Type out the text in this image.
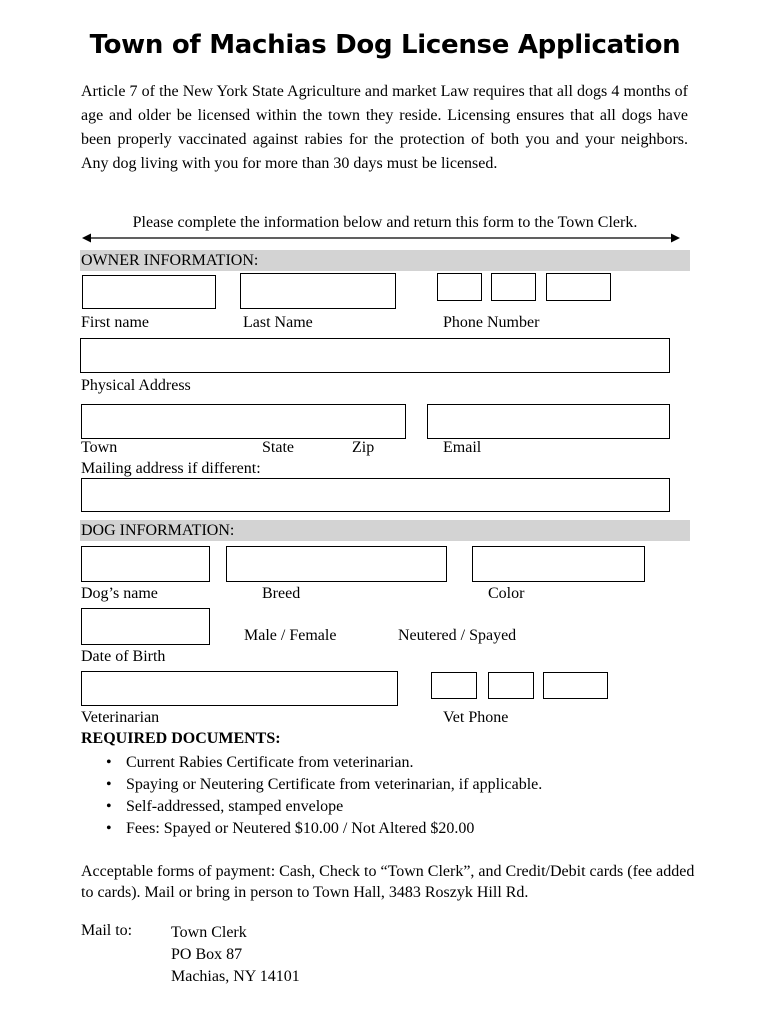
Town of Machias Dog License Application
Article 7 of the New York State Agriculture and market Law requires that all dogs 4 months of age and older be licensed within the town they reside. Licensing ensures that all dogs have been properly vaccinated against rabies for the protection of both you and your neighbors. Any dog living with you for more than 30 days must be licensed.
Please complete the information below and return this form to the Town Clerk.
OWNER INFORMATION:
First name	Last Name	Phone Number
Physical Address
Town	State	Zip	Email
Mailing address if different:
DOG INFORMATION:
Dog’s name	Breed	Color
Male / Female	Neutered / Spayed
Date of Birth
Veterinarian	Vet Phone
REQUIRED DOCUMENTS:
• Current Rabies Certificate from veterinarian.
• Spaying or Neutering Certificate from veterinarian, if applicable.
• Self-addressed, stamped envelope
• Fees: Spayed or Neutered $10.00 / Not Altered $20.00
Acceptable forms of payment: Cash, Check to “Town Clerk”, and Credit/Debit cards (fee added to cards). Mail or bring in person to Town Hall, 3483 Roszyk Hill Rd.
Mail to: Town Clerk
PO Box 87
Machias, NY 14101
